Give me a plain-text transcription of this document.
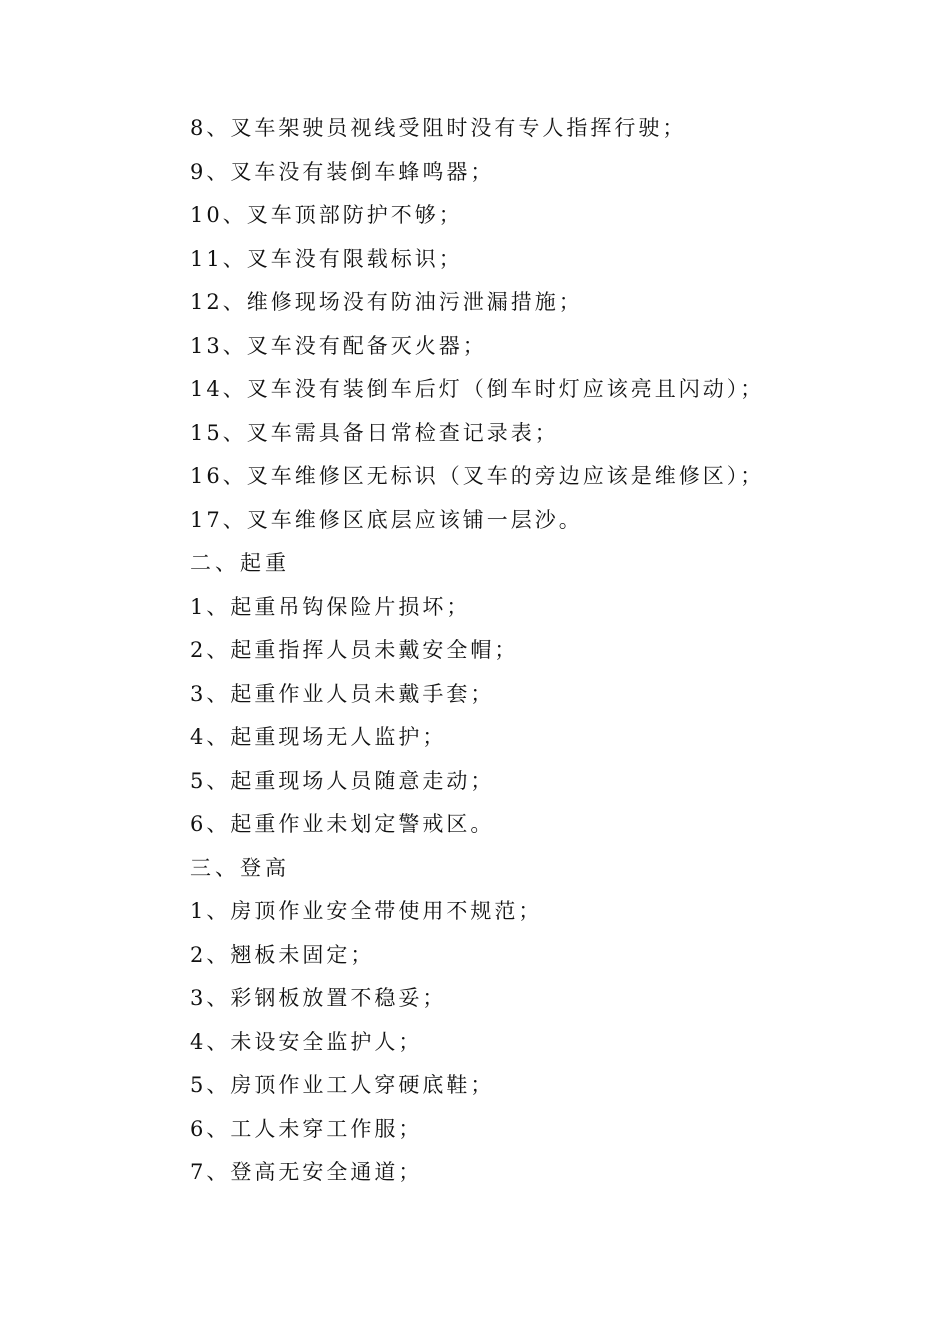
8、叉车架驶员视线受阻时没有专人指挥行驶；
9、叉车没有装倒车蜂鸣器；
10、叉车顶部防护不够；
11、叉车没有限载标识；
12、维修现场没有防油污泄漏措施；
13、叉车没有配备灭火器；
14、叉车没有装倒车后灯（倒车时灯应该亮且闪动）；
15、叉车需具备日常检查记录表；
16、叉车维修区无标识（叉车的旁边应该是维修区）；
17、叉车维修区底层应该铺一层沙。
二、起重
1、起重吊钩保险片损坏；
2、起重指挥人员未戴安全帽；
3、起重作业人员未戴手套；
4、起重现场无人监护；
5、起重现场人员随意走动；
6、起重作业未划定警戒区。
三、登高
1、房顶作业安全带使用不规范；
2、翘板未固定；
3、彩钢板放置不稳妥；
4、未设安全监护人；
5、房顶作业工人穿硬底鞋；
6、工人未穿工作服；
7、登高无安全通道；
